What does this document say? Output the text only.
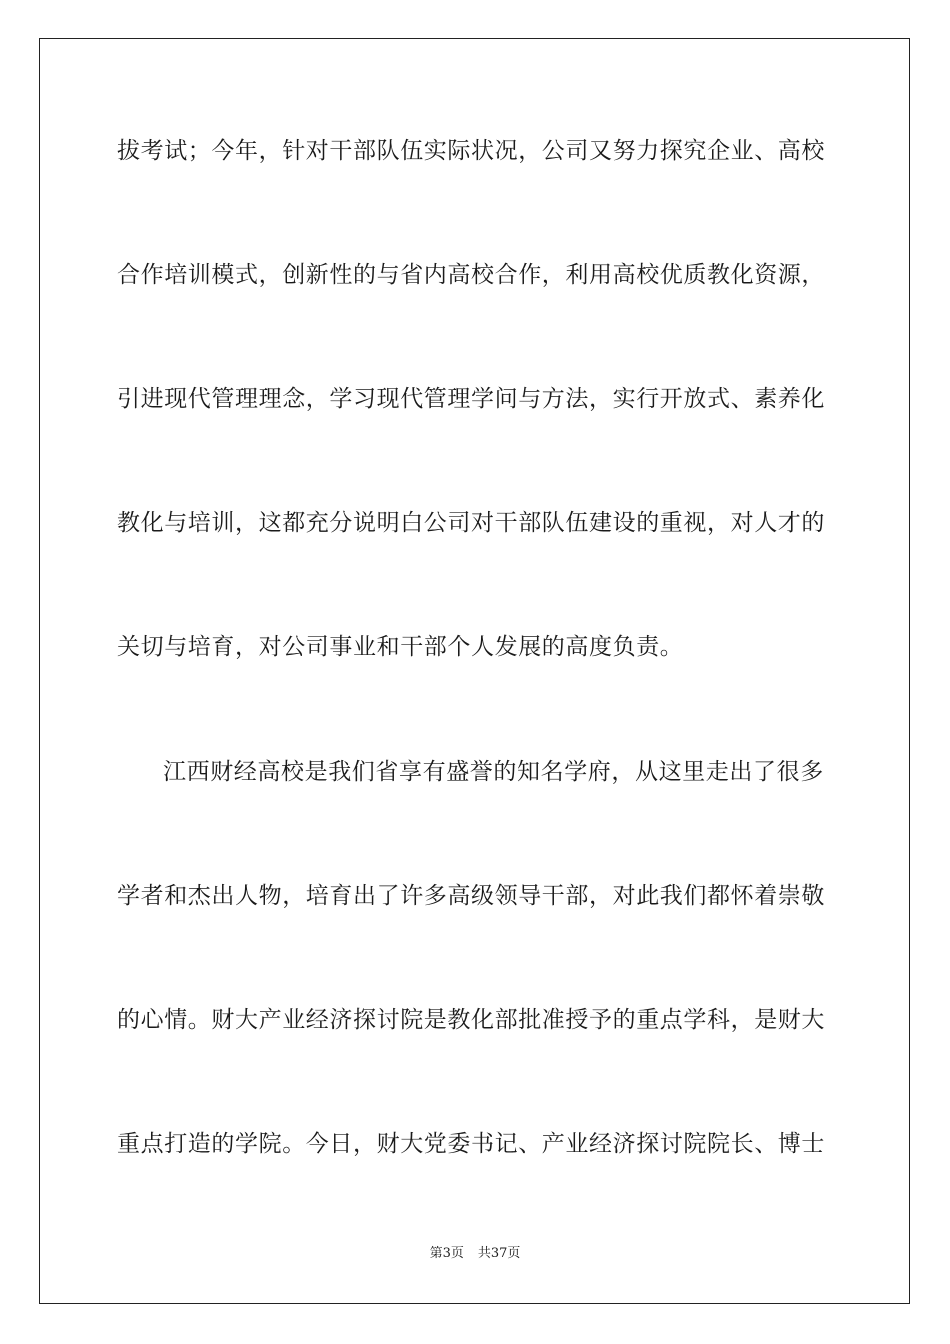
拔考试；今年，针对干部队伍实际状况，公司又努力探究企业、高校
合作培训模式，创新性的与省内高校合作，利用高校优质教化资源，
引进现代管理理念，学习现代管理学问与方法，实行开放式、素养化
教化与培训，这都充分说明白公司对干部队伍建设的重视，对人才的
关切与培育，对公司事业和干部个人发展的高度负责。
江西财经高校是我们省享有盛誉的知名学府，从这里走出了很多
学者和杰出人物，培育出了许多高级领导干部，对此我们都怀着崇敬
的心情。财大产业经济探讨院是教化部批准授予的重点学科，是财大
重点打造的学院。今日，财大党委书记、产业经济探讨院院长、博士
第3页 共37页
